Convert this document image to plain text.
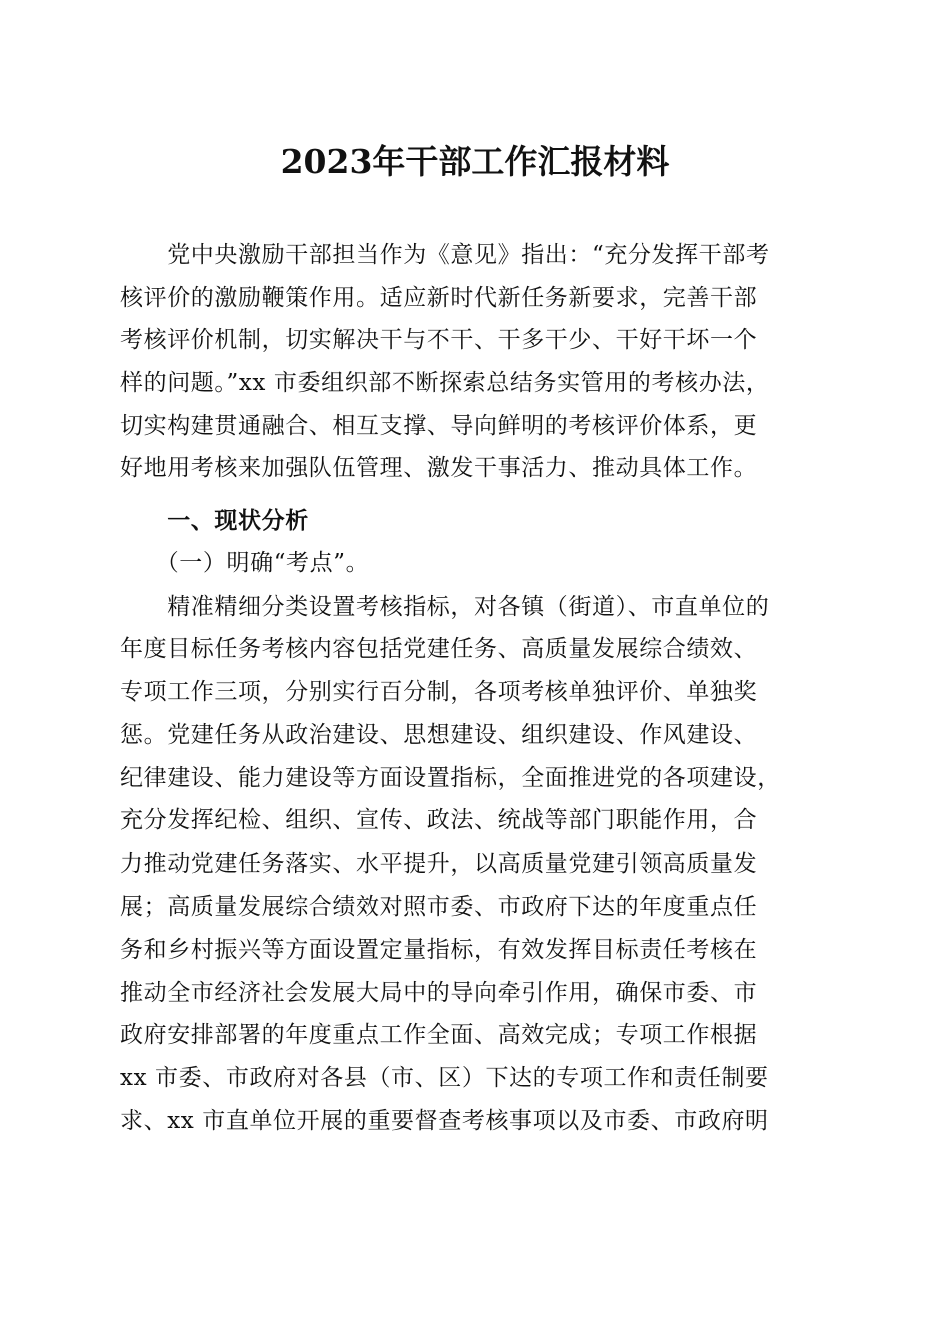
2023年干部工作汇报材料
　　党中央激励干部担当作为《意见》指出：“充分发挥干部考
核评价的激励鞭策作用。适应新时代新任务新要求，完善干部
考核评价机制，切实解决干与不干、干多干少、干好干坏一个
样的问题。”xx 市委组织部不断探索总结务实管用的考核办法，
切实构建贯通融合、相互支撑、导向鲜明的考核评价体系，更
好地用考核来加强队伍管理、激发干事活力、推动具体工作。
　　一、现状分析
　　（一）明确“考点”。
　　精准精细分类设置考核指标，对各镇（街道）、市直单位的
年度目标任务考核内容包括党建任务、高质量发展综合绩效、
专项工作三项，分别实行百分制，各项考核单独评价、单独奖
惩。党建任务从政治建设、思想建设、组织建设、作风建设、
纪律建设、能力建设等方面设置指标，全面推进党的各项建设，
充分发挥纪检、组织、宣传、政法、统战等部门职能作用，合
力推动党建任务落实、水平提升，以高质量党建引领高质量发
展；高质量发展综合绩效对照市委、市政府下达的年度重点任
务和乡村振兴等方面设置定量指标，有效发挥目标责任考核在
推动全市经济社会发展大局中的导向牵引作用，确保市委、市
政府安排部署的年度重点工作全面、高效完成；专项工作根据
xx 市委、市政府对各县（市、区）下达的专项工作和责任制要
求、xx 市直单位开展的重要督查考核事项以及市委、市政府明
